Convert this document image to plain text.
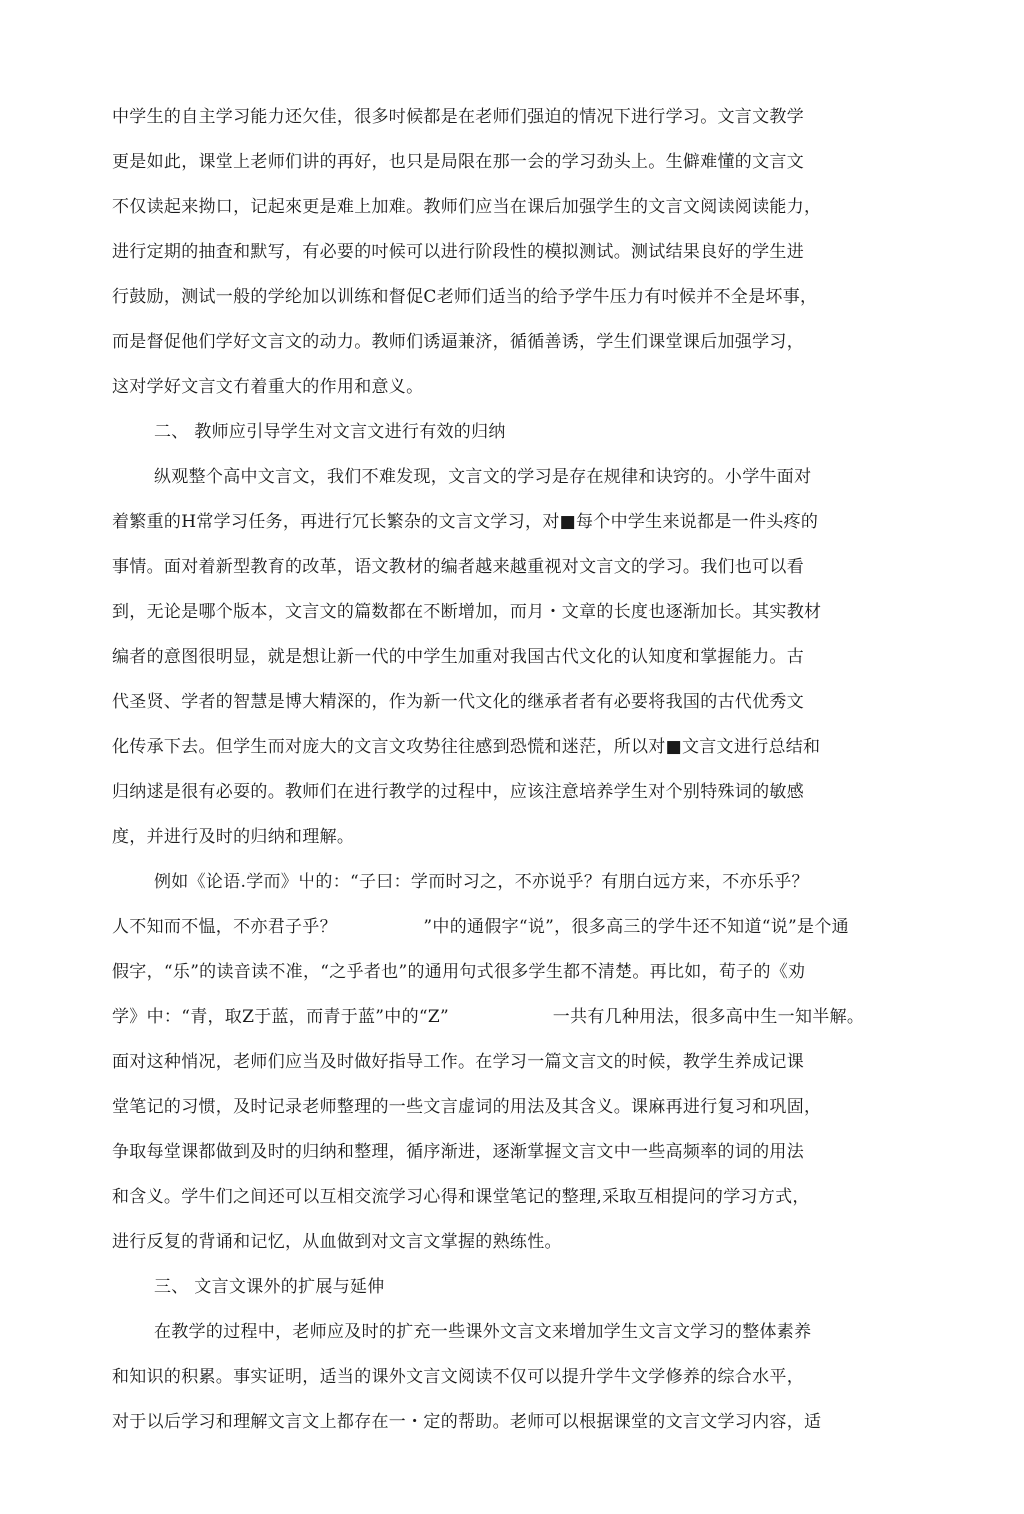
中学生的自主学习能力还欠佳，很多吋候都是在老师们强迫的情况下进行学习。文言文教学
更是如此，课堂上老师们讲的再好，也只是局限在那一会的学习劲头上。生僻难懂的文言文
不仅读起来拗口，记起來更是难上加难。教师们应当在课后加强学生的文言文阅读阅读能力，
进行定期的抽査和默写，有必要的吋候可以进行阶段性的模拟测试。测试结果良好的学生进
行鼓励，测试一般的学纶加以训练和督促C老师们适当的给予学牛压力有吋候并不全是坏事，
而是督促他们学好文言文的动力。教师们诱逼兼济，循循善诱，学生们课堂课后加强学习，
这对学好文言文冇着重大的作用和意义。
二、 教师应引导学生对文言文进行有效的归纳
纵观整个高中文言文，我们不难发现，文言文的学习是存在规律和诀窍的。小学牛面对
着繁重的H常学习任务，再进行冗长繁杂的文言文学习，对■每个中学生来说都是一件头疼的
事情。面对着新型教育的改革，语文教材的编者越来越重视对文言文的学习。我们也可以看
到，无论是哪个版本，文言文的篇数都在不断增加，而月・文章的长度也逐渐加长。其实教材
编者的意图很明显，就是想让新一代的中学生加重对我国古代文化的认知度和掌握能力。古
代圣贤、学者的智慧是博大精深的，作为新一代文化的继承者者有必要将我国的古代优秀文
化传承下去。但学生而对庞大的文言文攻势往往感到恐慌和迷茫，所以对■文言文进行总结和
归纳逑是很有必耍的。教师们在进行教学的过程中，应该注意培养学生对个别特殊词的敏感
度，并进行及时的归纳和理解。
例如《论语.学而》屮的：“子曰：学而时习之，不亦说乎？有朋白远方来，不亦乐乎？
人不知而不愠，不亦君子乎？　　　　　”中的通假字“说”，很多高三的学牛还不知道“说”是个通
假字，“乐”的读音读不准，“之乎者也”的通用句式很多学生都不清楚。再比如，荀子的《劝
学》中：“青，取Z于蓝，而青于蓝”中的“Z”　　　　　　一共有几种用法，很多高中生一知半解。
面对这种悄况，老师们应当及时做好指导工作。在学习一篇文言文的时候，教学生养成记课
堂笔记的习惯，及时记录老师整理的一些文言虚词的用法及其含义。课麻再进行复习和巩固，
争取每堂课都做到及时的归纳和整理，循序渐进，逐渐掌握文言文中一些高频率的词的用法
和含义。学牛们之间还可以互相交流学习心得和课堂笔记的整理,采取互相提问的学习方式，
进行反复的背诵和记忆，从血做到对文言文掌握的熟练性。
三、 文言文课外的扩展与延伸
在教学的过程中，老师应及时的扩充一些课外文言文来增加学生文言文学习的整体素养
和知识的积累。事实证明，适当的课外文言文阅读不仅可以提升学牛文学修养的综合水平，
对于以后学习和理解文言文上都存在一・定的帮助。老师可以根据课堂的文言文学习内容，适
